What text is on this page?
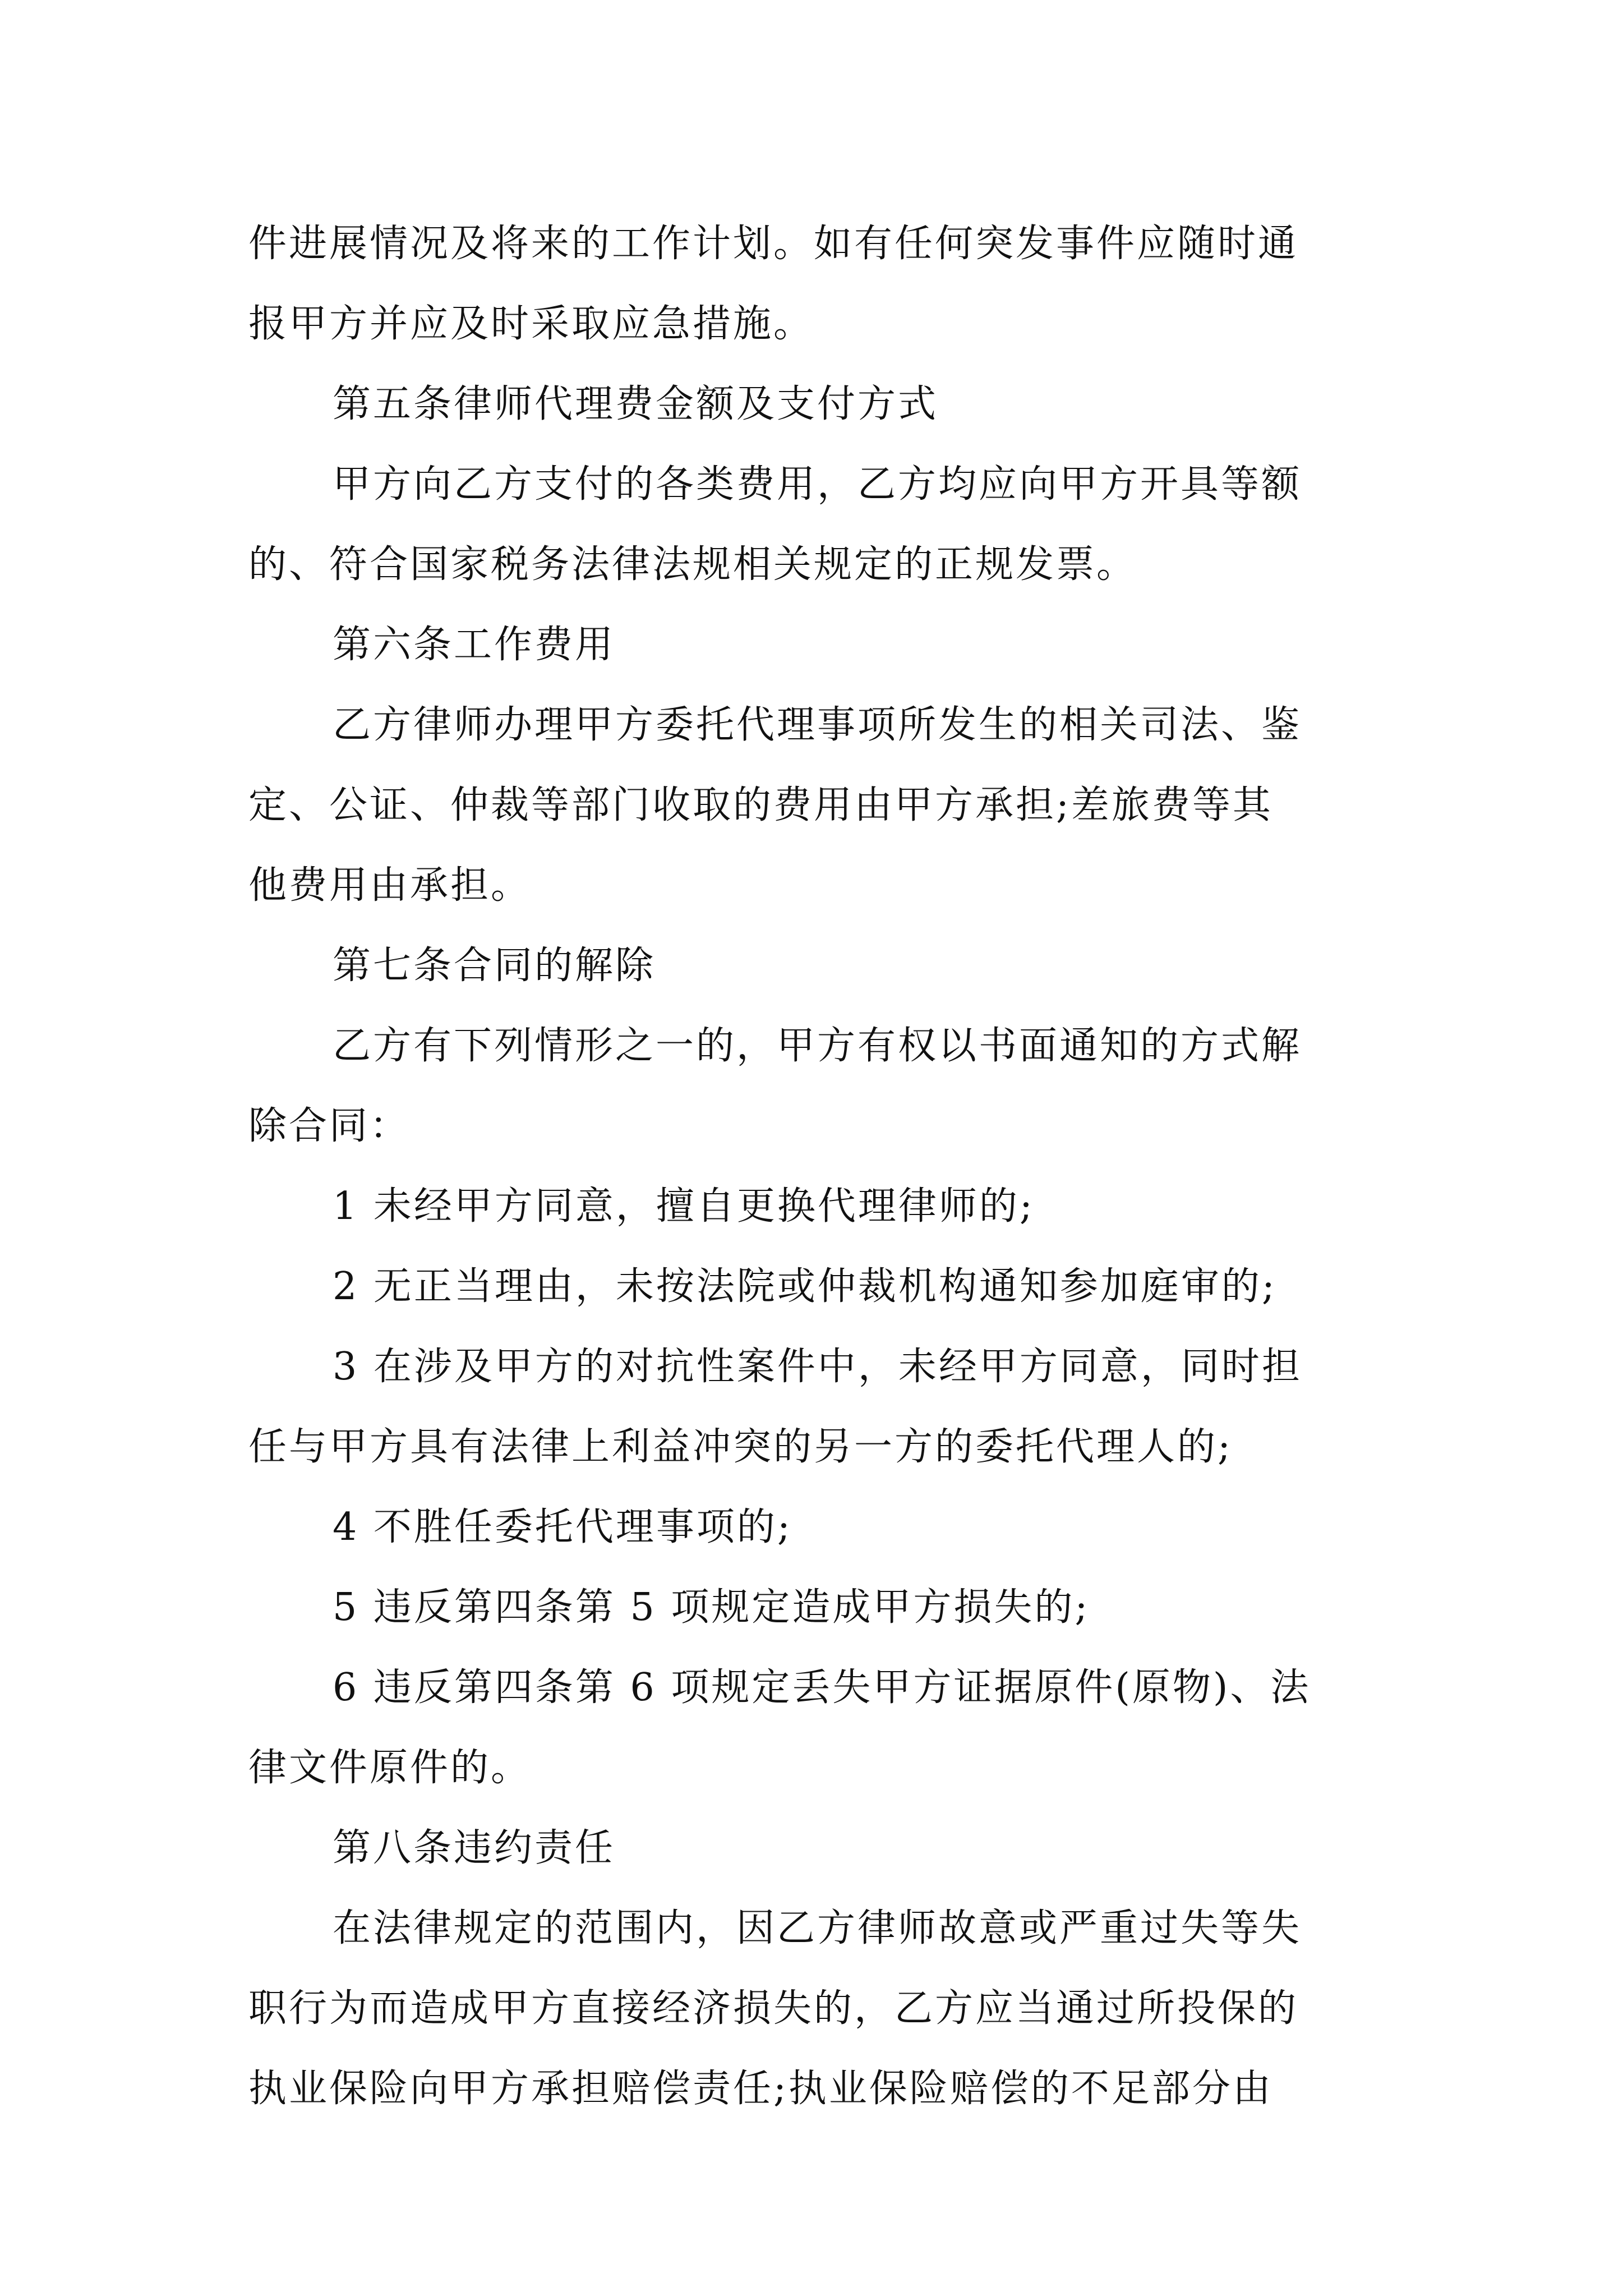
件进展情况及将来的工作计划。如有任何突发事件应随时通
报甲方并应及时采取应急措施。
第五条律师代理费金额及支付方式
甲方向乙方支付的各类费用，乙方均应向甲方开具等额
的、符合国家税务法律法规相关规定的正规发票。
第六条工作费用
乙方律师办理甲方委托代理事项所发生的相关司法、鉴
定、公证、仲裁等部门收取的费用由甲方承担;差旅费等其
他费用由承担。
第七条合同的解除
乙方有下列情形之一的，甲方有权以书面通知的方式解
除合同：
1 未经甲方同意，擅自更换代理律师的;
2 无正当理由，未按法院或仲裁机构通知参加庭审的;
3 在涉及甲方的对抗性案件中，未经甲方同意，同时担
任与甲方具有法律上利益冲突的另一方的委托代理人的;
4 不胜任委托代理事项的;
5 违反第四条第 5 项规定造成甲方损失的;
6 违反第四条第 6 项规定丢失甲方证据原件(原物)、法
律文件原件的。
第八条违约责任
在法律规定的范围内，因乙方律师故意或严重过失等失
职行为而造成甲方直接经济损失的，乙方应当通过所投保的
执业保险向甲方承担赔偿责任;执业保险赔偿的不足部分由
